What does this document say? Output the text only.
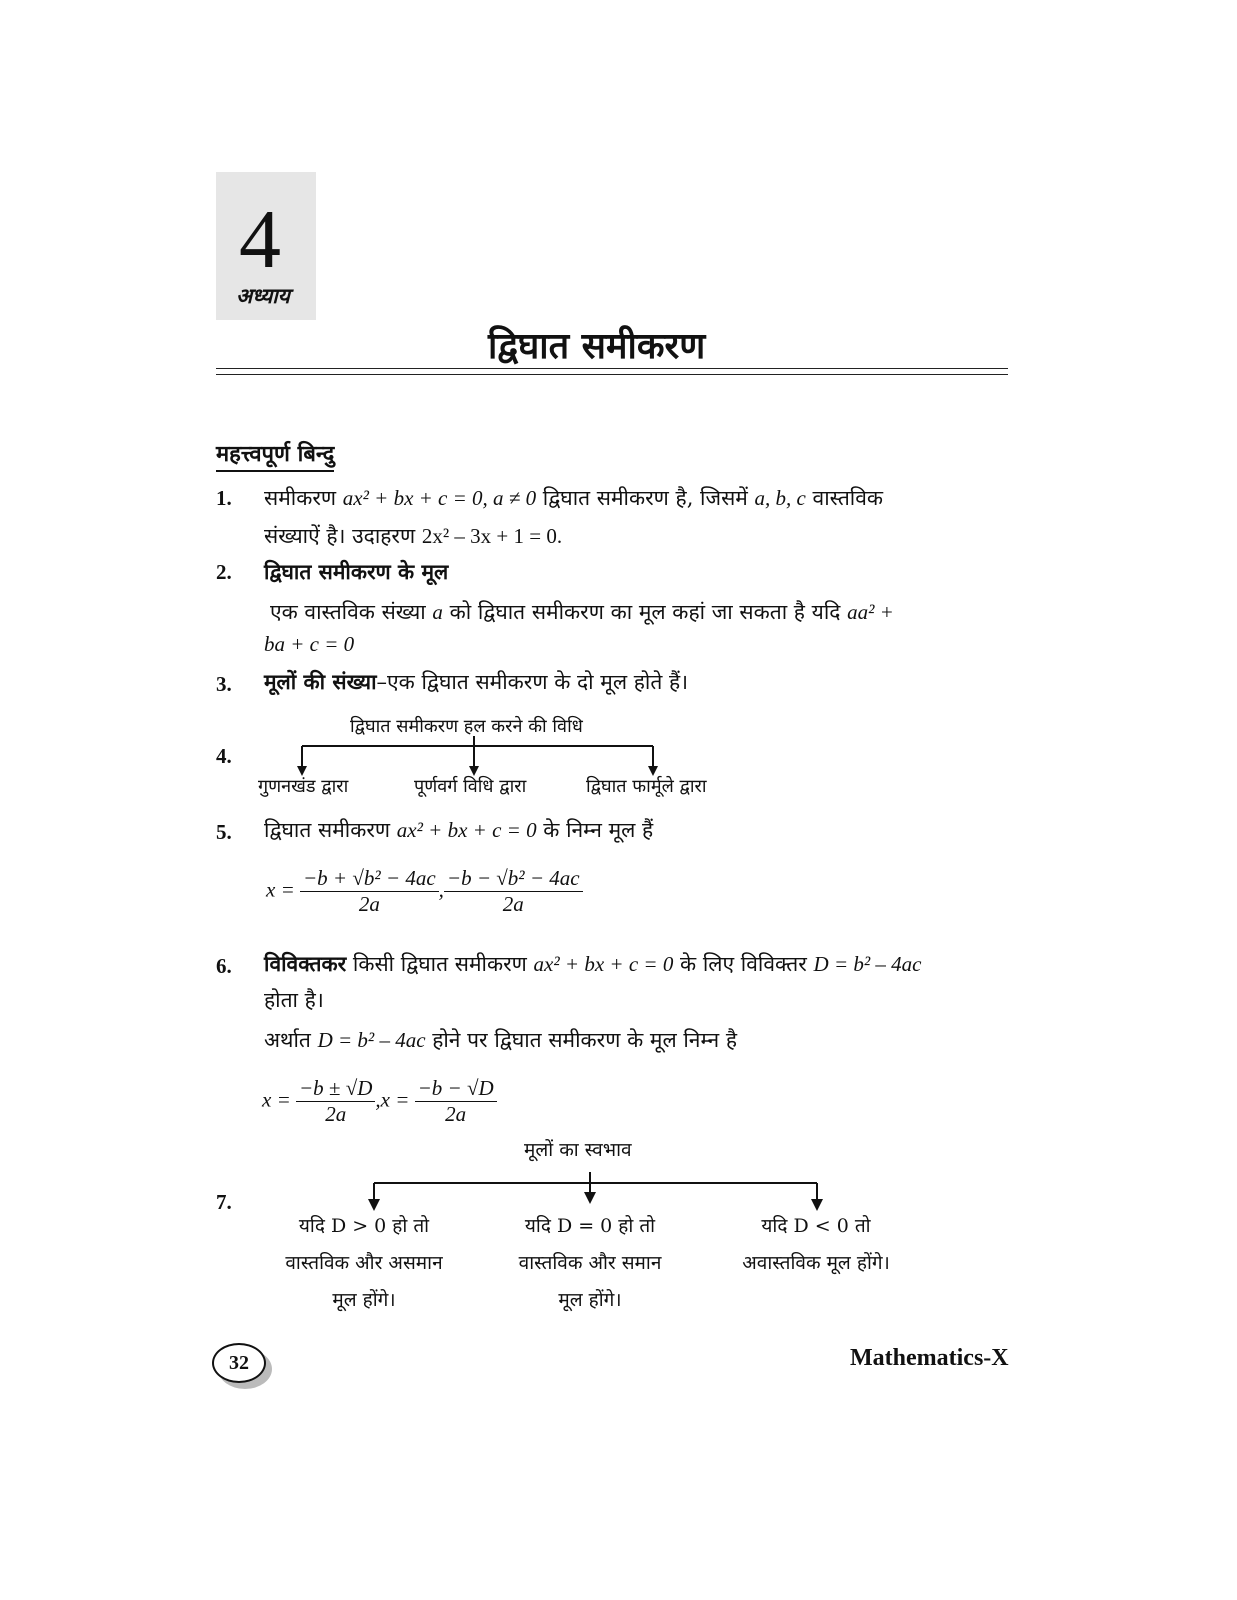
4
अध्याय
द्विघात समीकरण
महत्त्वपूर्ण बिन्दु
1. समीकरण ax² + bx + c = 0, a ≠ 0 द्विघात समीकरण है, जिसमें a, b, c वास्तविक
संख्याऐं है। उदाहरण 2x² – 3x + 1 = 0.
2. द्विघात समीकरण के मूल
एक वास्तविक संख्या a को द्विघात समीकरण का मूल कहां जा सकता है यदि aa² +
ba + c = 0
3. मूलों की संख्या–एक द्विघात समीकरण के दो मूल होते हैं।
4.
द्विघात समीकरण हल करने की विधि
गुणनखंड द्वारा	पूर्णवर्ग विधि द्वारा	द्विघात फार्मूले द्वारा
5. द्विघात समीकरण ax² + bx + c = 0 के निम्न मूल हैं
$x = \frac{\text{−b + √b² − 4ac}}{2a}$ , $\frac{\text{−b − √b² − 4ac}}{2a}$
6. विविक्तकर किसी द्विघात समीकरण ax² + bx + c = 0 के लिए विविक्तर D = b² – 4ac
होता है।
अर्थात D = b² – 4ac होने पर द्विघात समीकरण के मूल निम्न है
$x = \frac{-b \pm √D}{2a} ,x = \frac{-b - √D}{2a}$
7.
मूलों का स्वभाव
यदि D > 0 हो तो
वास्तविक और असमान
मूल होंगे।
यदि D = 0 हो तो
वास्तविक और समान
मूल होंगे।
यदि D < 0 तो
अवास्तविक मूल होंगे।
32	Mathematics-X
